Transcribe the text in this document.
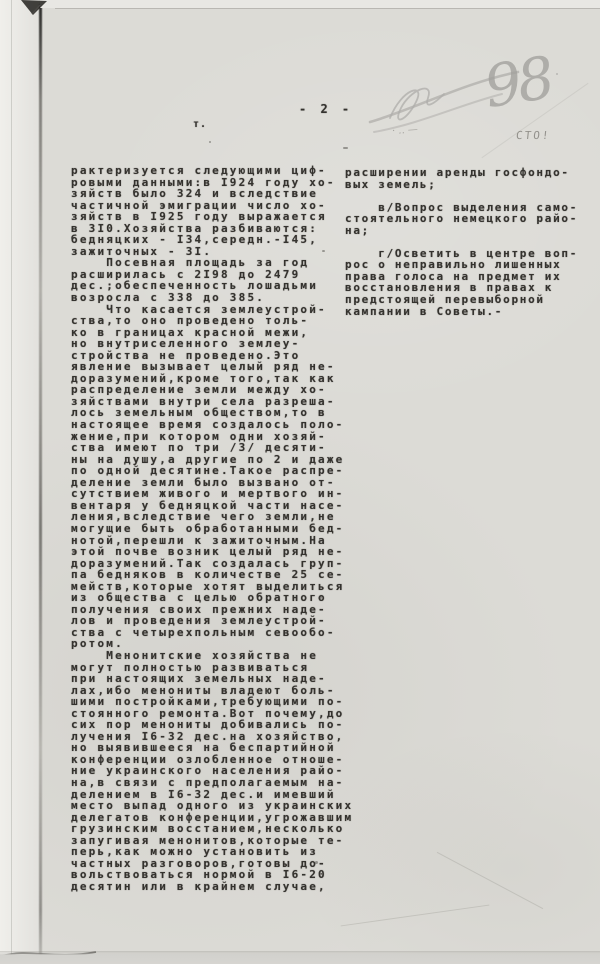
- 2 -
т.
СТО!
·‥—
98
рактеризуется следующими циф-
ровыми данными:в I924 году хо-
зяйств было 324 и вследствие
частичной эмиграции число хо-
зяйств в I925 году выражается
в 3I0.Хозяйства разбиваются:
бедняцких - I34,середн.-I45,
зажиточных - 3I.
Посевная площадь за год
расширилась с 2I98 до 2479
дес.;обеспеченность лошадьми
возросла с 338 до 385.
Что касается землеустрой-
ства,то оно проведено толь-
ко в границах красной межи,
но внутриселенного землеу-
стройства не проведено.Это
явление вызывает целый ряд не-
доразумений,кроме того,так как
распределение земли между хо-
зяйствами внутри села разреша-
лось земельным обществом,то в
настоящее время создалось поло-
жение,при котором одни хозяй-
ства имеют по три /3/ десяти-
ны на душу,а другие по 2 и даже
по одной десятине.Такое распре-
деление земли было вызвано от-
сутствием живого и мертвого ин-
вентаря у бедняцкой части насе-
ления,вследствие чего земли,не
могущие быть обработанными бед-
нотой,перешли к зажиточным.На
этой почве возник целый ряд не-
доразумений.Так создалась груп-
па бедняков в количестве 25 се-
мейств,которые хотят выделиться
из общества с целью обратного
получения своих прежних наде-
лов и проведения землеустрой-
ства с четырехпольным севообо-
ротом.
Менонитские хозяйства не
могут полностью развиваться
при настоящих земельных наде-
лах,ибо менониты владеют боль-
шими постройками,требующими по-
стоянного ремонта.Вот почему,до
сих пор менониты добивались по-
лучения I6-32 дес.на хозяйство,
но выявившееся на беспартийной
конференции озлобленное отноше-
ние украинского населения райо-
на,в связи с предполагаемым на-
делением в I6-32 дес.и имевший
место выпад одного из украинских
делегатов конференции,угрожавшим
грузинским восстанием,несколько
запугивая менонитов,которые те-
перь,как можно установить из
частных разговоров,готовы до-
вольствоваться нормой в I6-20
десятин или в крайнем случае,
расширении аренды госфондо-
вых земель;

в/Вопрос выделения само-
стоятельного немецкого райо-
на;

г/Осветить в центре воп-
рос о неправильно лишенных
права голоса на предмет их
восстановления в правах к
предстоящей перевыборной
кампании в Советы.-
